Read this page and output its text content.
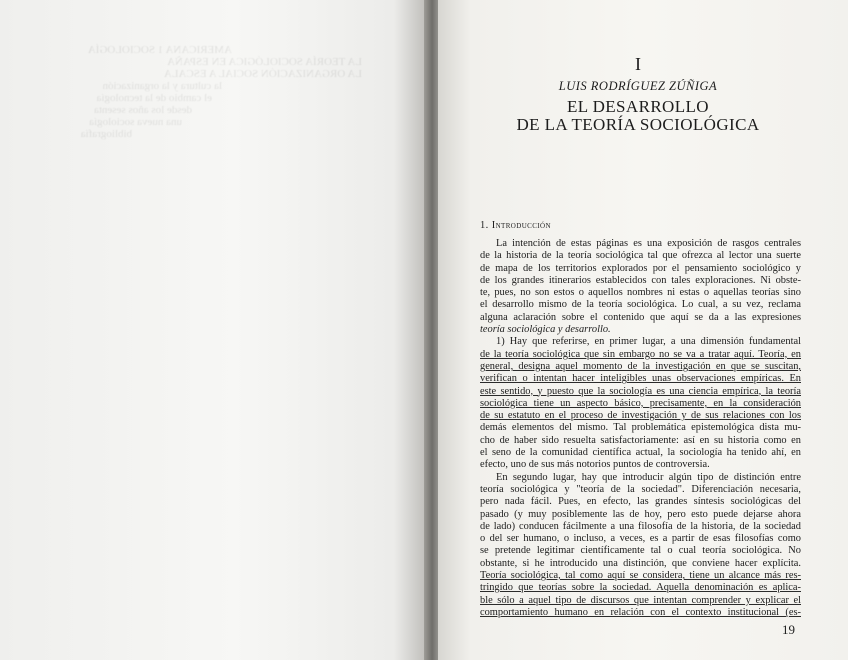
AMERICANA 1 SOCIOLOGÍA
LA TEORÍA SOCIOLÓGICA EN ESPAÑA
LA ORGANIZACIÓN SOCIAL A ESCALA
la cultura y la organización
el cambio de la tecnología
desde los años sesenta
una nueva sociología
bibliografía
I
LUIS RODRÍGUEZ ZÚÑIGA
EL DESARROLLO
DE LA TEORÍA SOCIOLÓGICA
1. Introducción
La intención de estas páginas es una exposición de rasgos centrales
de la historia de la teoría sociológica tal que ofrezca al lector una suerte
de mapa de los territorios explorados por el pensamiento sociológico y
de los grandes itinerarios establecidos con tales exploraciones. Ni obste-
te, pues, no son estos o aquellos nombres ni estas o aquellas teorías sino
el desarrollo mismo de la teoría sociológica. Lo cual, a su vez, reclama
alguna aclaración sobre el contenido que aquí se da a las expresiones
teoría sociológica y desarrollo.
1) Hay que referirse, en primer lugar, a una dimensión fundamental
de la teoría sociológica que sin embargo no se va a tratar aquí. Teoría, en
general, designa aquel momento de la investigación en que se suscitan,
verifican o intentan hacer inteligibles unas observaciones empíricas. En
este sentido, y puesto que la sociología es una ciencia empírica, la teoría
sociológica tiene un aspecto básico, precisamente, en la consideración
de su estatuto en el proceso de investigación y de sus relaciones con los
demás elementos del mismo. Tal problemática epistemológica dista mu-
cho de haber sido resuelta satisfactoriamente: así en su historia como en
el seno de la comunidad científica actual, la sociología ha tenido ahí, en
efecto, uno de sus más notorios puntos de controversia.
En segundo lugar, hay que introducir algún tipo de distinción entre
teoría sociológica y "teoría de la sociedad". Diferenciación necesaria,
pero nada fácil. Pues, en efecto, las grandes síntesis sociológicas del
pasado (y muy posiblemente las de hoy, pero esto puede dejarse ahora
de lado) conducen fácilmente a una filosofía de la historia, de la sociedad
o del ser humano, o incluso, a veces, es a partir de esas filosofías como
se pretende legitimar científicamente tal o cual teoría sociológica. No
obstante, si he introducido una distinción, que conviene hacer explícita.
Teoría sociológica, tal como aquí se considera, tiene un alcance más res-
tringido que teorías sobre la sociedad. Aquella denominación es aplica-
ble sólo a aquel tipo de discursos que intentan comprender y explicar el
comportamiento humano en relación con el contexto institucional (es-
19
